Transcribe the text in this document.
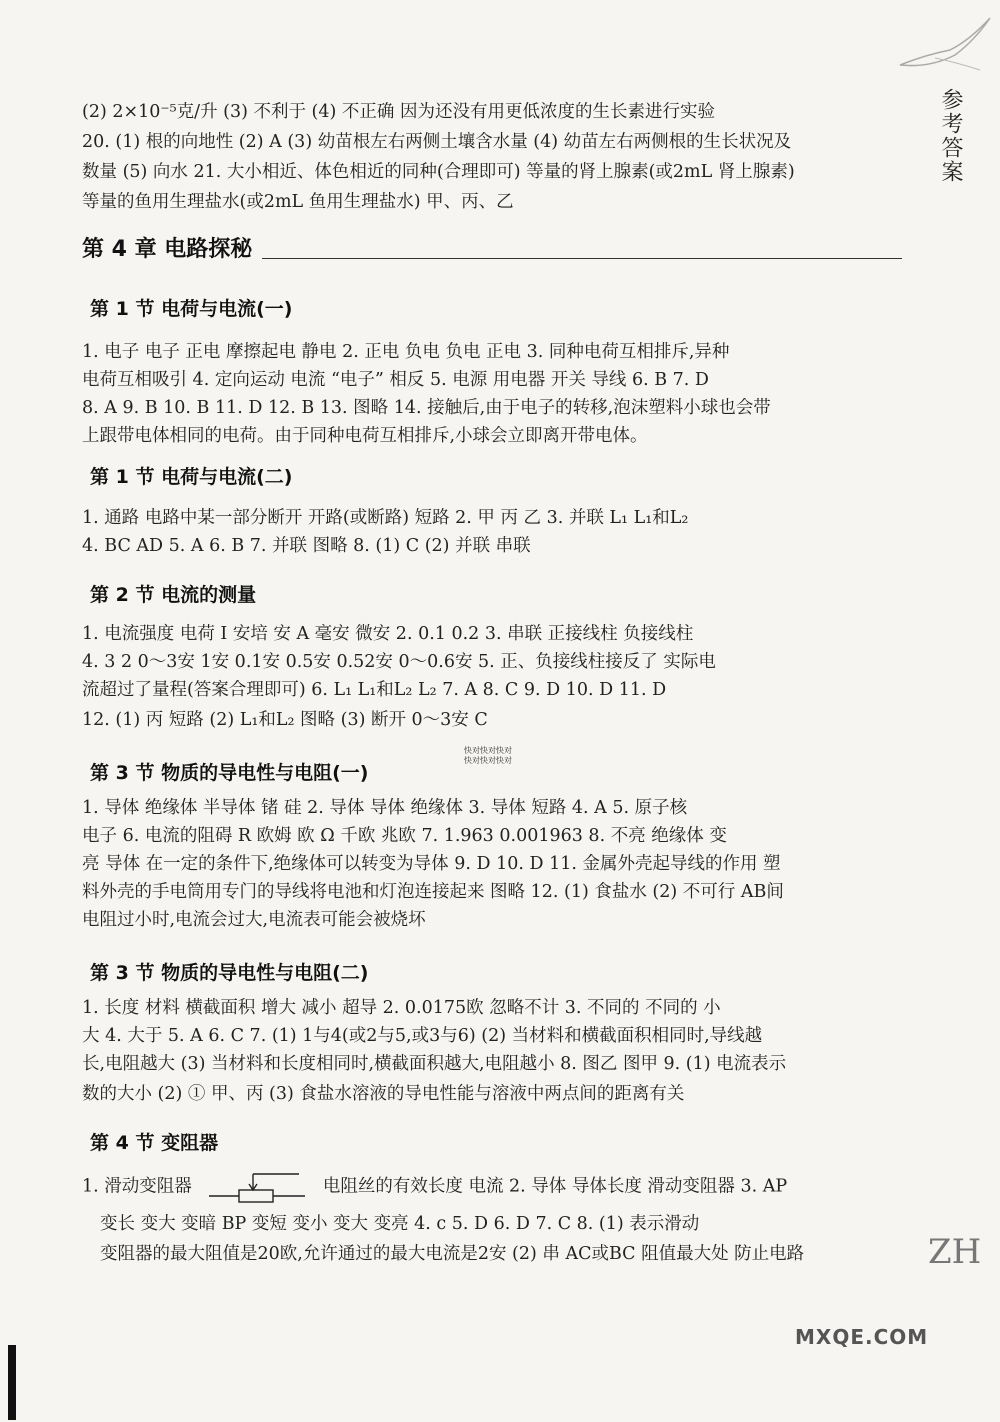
参考答案
(2) 2×10⁻⁵克/升 (3) 不利于 (4) 不正确 因为还没有用更低浓度的生长素进行实验
20. (1) 根的向地性 (2) A (3) 幼苗根左右两侧土壤含水量 (4) 幼苗左右两侧根的生长状况及
数量 (5) 向水 21. 大小相近、体色相近的同种(合理即可) 等量的肾上腺素(或2mL 肾上腺素)
等量的鱼用生理盐水(或2mL 鱼用生理盐水) 甲、丙、乙
第 4 章 电路探秘
第 1 节 电荷与电流(一)
1. 电子 电子 正电 摩擦起电 静电 2. 正电 负电 负电 正电 3. 同种电荷互相排斥,异种
电荷互相吸引 4. 定向运动 电流 “电子” 相反 5. 电源 用电器 开关 导线 6. B 7. D
8. A 9. B 10. B 11. D 12. B 13. 图略 14. 接触后,由于电子的转移,泡沫塑料小球也会带
上跟带电体相同的电荷。由于同种电荷互相排斥,小球会立即离开带电体。
第 1 节 电荷与电流(二)
1. 通路 电路中某一部分断开 开路(或断路) 短路 2. 甲 丙 乙 3. 并联 L₁ L₁和L₂
4. BC AD 5. A 6. B 7. 并联 图略 8. (1) C (2) 并联 串联
第 2 节 电流的测量
1. 电流强度 电荷 I 安培 安 A 毫安 微安 2. 0.1 0.2 3. 串联 正接线柱 负接线柱
4. 3 2 0～3安 1安 0.1安 0.5安 0.52安 0～0.6安 5. 正、负接线柱接反了 实际电
流超过了量程(答案合理即可) 6. L₁ L₁和L₂ L₂ 7. A 8. C 9. D 10. D 11. D
12. (1) 丙 短路 (2) L₁和L₂ 图略 (3) 断开 0～3安 C
快对快对快对
快对快对快对
第 3 节 物质的导电性与电阻(一)
1. 导体 绝缘体 半导体 锗 硅 2. 导体 导体 绝缘体 3. 导体 短路 4. A 5. 原子核
电子 6. 电流的阻碍 R 欧姆 欧 Ω 千欧 兆欧 7. 1.963 0.001963 8. 不亮 绝缘体 变
亮 导体 在一定的条件下,绝缘体可以转变为导体 9. D 10. D 11. 金属外壳起导线的作用 塑
料外壳的手电筒用专门的导线将电池和灯泡连接起来 图略 12. (1) 食盐水 (2) 不可行 AB间
电阻过小时,电流会过大,电流表可能会被烧坏
第 3 节 物质的导电性与电阻(二)
1. 长度 材料 横截面积 增大 减小 超导 2. 0.0175欧 忽略不计 3. 不同的 不同的 小
大 4. 大于 5. A 6. C 7. (1) 1与4(或2与5,或3与6) (2) 当材料和横截面积相同时,导线越
长,电阻越大 (3) 当材料和长度相同时,横截面积越大,电阻越小 8. 图乙 图甲 9. (1) 电流表示
数的大小 (2) ① 甲、丙 (3) 食盐水溶液的导电性能与溶液中两点间的距离有关
第 4 节 变阻器
1. 滑动变阻器	电阻丝的有效长度 电流 2. 导体 导体长度 滑动变阻器 3. AP
变长 变大 变暗 BP 变短 变小 变大 变亮 4. c 5. D 6. D 7. C 8. (1) 表示滑动
变阻器的最大阻值是20欧,允许通过的最大电流是2安 (2) 串 AC或BC 阻值最大处 防止电路	ZH
MXQE.COM
